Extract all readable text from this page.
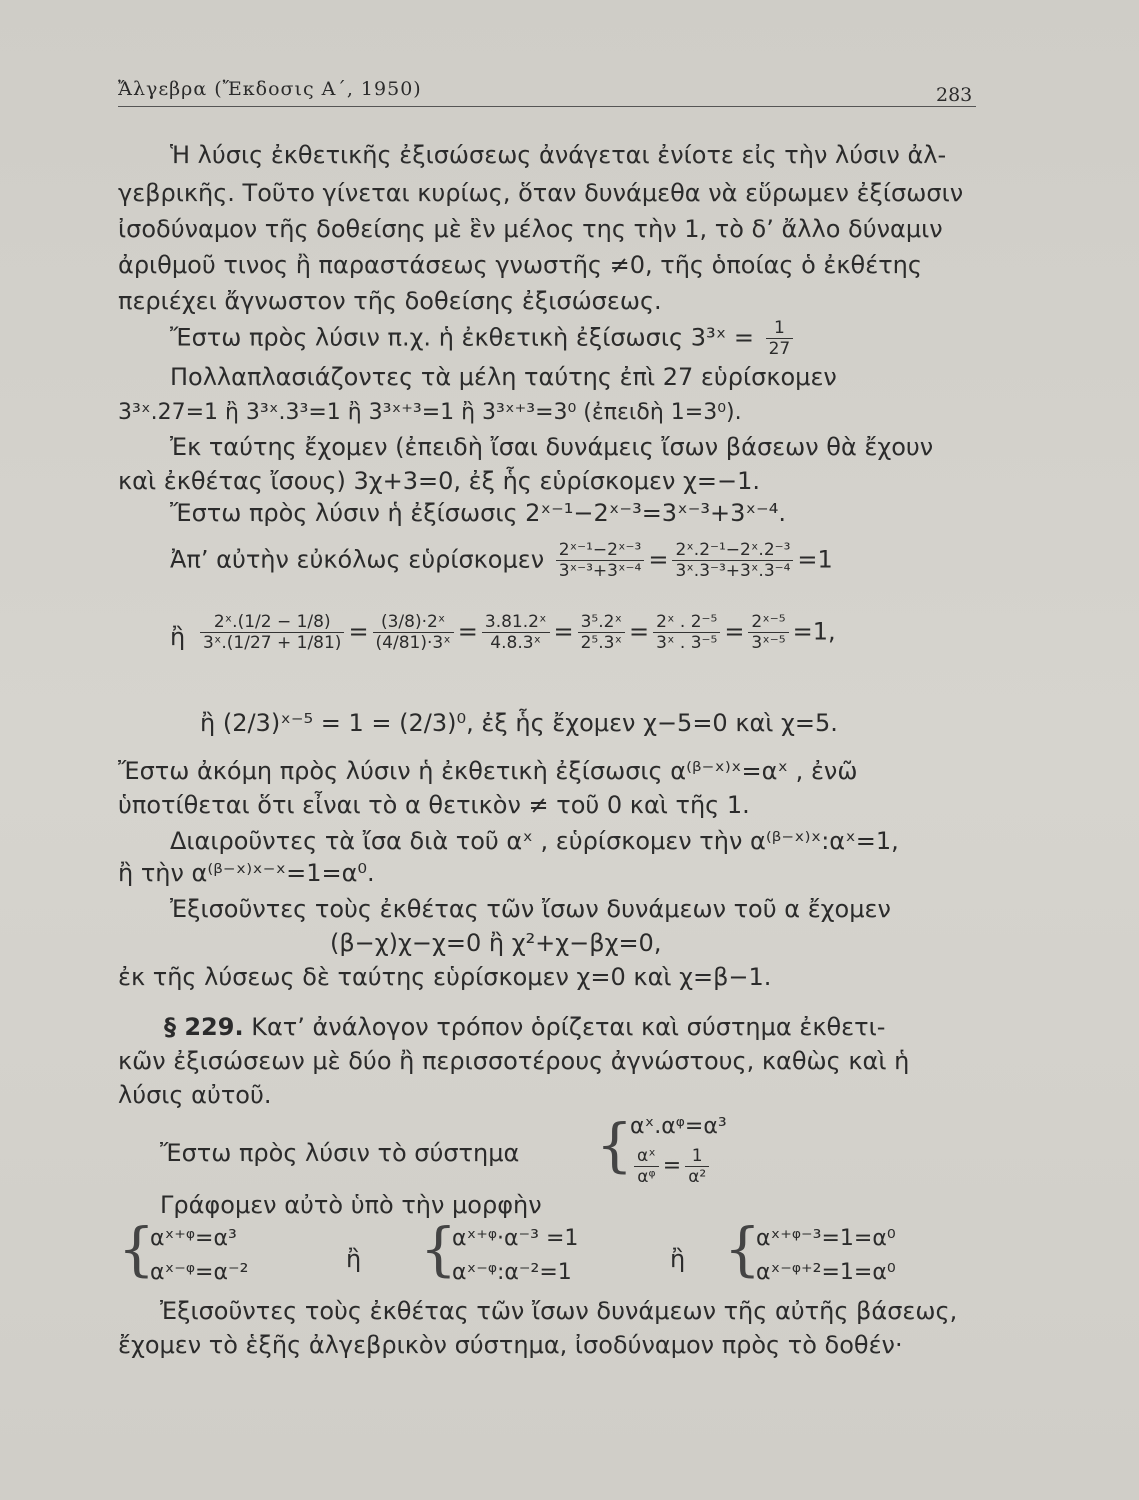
Ἄλγεβρα (Ἔκδοσις Α΄, 1950)	283
Ἡ λύσις ἐκθετικῆς ἐξισώσεως ἀνάγεται ἐνίοτε εἰς τὴν λύσιν ἀλ-
γεβρικῆς. Τοῦτο γίνεται κυρίως, ὅταν δυνάμεθα νὰ εὕρωμεν ἐξίσωσιν
ἰσοδύναμον τῆς δοθείσης μὲ ἓν μέλος της τὴν 1, τὸ δ’ ἄλλο δύναμιν
ἀριθμοῦ τινος ἢ παραστάσεως γνωστῆς ≠0, τῆς ὁποίας ὁ ἐκθέτης
περιέχει ἄγνωστον τῆς δοθείσης ἐξισώσεως.
Ἔστω πρὸς λύσιν π.χ. ἡ ἐκθετικὴ ἐξίσωσις 3³ˣ = $\frac{1}{27}$
Πολλαπλασιάζοντες τὰ μέλη ταύτης ἐπὶ 27 εὑρίσκομεν
3³ˣ.27=1 ἢ 3³ˣ.3³=1 ἢ 3³ˣ⁺³=1 ἢ 3³ˣ⁺³=3⁰ (ἐπειδὴ 1=3⁰).
Ἐκ ταύτης ἔχομεν (ἐπειδὴ ἴσαι δυνάμεις ἴσων βάσεων θὰ ἔχουν
καὶ ἐκθέτας ἴσους) 3χ+3=0, ἐξ ἧς εὑρίσκομεν χ=−1.
Ἔστω πρὸς λύσιν ἡ ἐξίσωσις 2ˣ⁻¹−2ˣ⁻³=3ˣ⁻³+3ˣ⁻⁴.
Ἀπ’ αὐτὴν εὐκόλως εὑρίσκομεν $\frac{\text{2ˣ⁻¹−2ˣ⁻³}}{\text{3ˣ⁻³+3ˣ⁻⁴}} = \frac{\text{2ˣ.2⁻¹−2ˣ.2⁻³}}{\text{3ˣ.3⁻³+3ˣ.3⁻⁴}} =1$
ἢ $\frac{\text{2ˣ.(1/2 − 1/8)}}{\text{3ˣ.(1/27 + 1/81)}} = \frac{\text{(3/8)·2ˣ}}{\text{(4/81)·3ˣ}} = \frac{\text{3.81.2ˣ}}{\text{4.8.3ˣ}} = \frac{\text{3⁵.2ˣ}}{\text{2⁵.3ˣ}} = \frac{\text{2ˣ . 2⁻⁵}}{\text{3ˣ . 3⁻⁵}} = \frac{\text{2ˣ⁻⁵}}{\text{3ˣ⁻⁵}} =1$,
ἢ (2/3)ˣ⁻⁵ = 1 = (2/3)⁰, ἐξ ἧς ἔχομεν χ−5=0 καὶ χ=5.
Ἔστω ἀκόμη πρὸς λύσιν ἡ ἐκθετικὴ ἐξίσωσις α⁽ᵝ⁻ˣ⁾ˣ=αˣ , ἐνῶ
ὑποτίθεται ὅτι εἶναι τὸ α θετικὸν ≠ τοῦ 0 καὶ τῆς 1.
Διαιροῦντες τὰ ἴσα διὰ τοῦ αˣ , εὑρίσκομεν τὴν α⁽ᵝ⁻ˣ⁾ˣ:αˣ=1,
ἢ τὴν α⁽ᵝ⁻ˣ⁾ˣ⁻ˣ=1=α⁰.
Ἐξισοῦντες τοὺς ἐκθέτας τῶν ἴσων δυνάμεων τοῦ α ἔχομεν
(β−χ)χ−χ=0 ἢ χ²+χ−βχ=0,
ἐκ τῆς λύσεως δὲ ταύτης εὑρίσκομεν χ=0 καὶ χ=β−1.
§ 229. Κατ’ ἀνάλογον τρόπον ὁρίζεται καὶ σύστημα ἐκθετι-
κῶν ἐξισώσεων μὲ δύο ἢ περισσοτέρους ἀγνώστους, καθὼς καὶ ἡ
λύσις αὐτοῦ.
Ἔστω πρὸς λύσιν τὸ σύστημα {
αˣ.αᵠ=α³
$\frac{\text{αˣ}}{\text{αᵠ}} = \frac{1}{\text{α²}}$
Γράφομεν αὐτὸ ὑπὸ τὴν μορφὴν
{
αˣ⁺ᵠ=α³
αˣ⁻ᵠ=α⁻²	ἢ {
αˣ⁺ᵠ·α⁻³ =1
αˣ⁻ᵠ:α⁻²=1	ἢ {
αˣ⁺ᵠ⁻³=1=α⁰
αˣ⁻ᵠ⁺²=1=α⁰
Ἐξισοῦντες τοὺς ἐκθέτας τῶν ἴσων δυνάμεων τῆς αὐτῆς βάσεως,
ἔχομεν τὸ ἑξῆς ἀλγεβρικὸν σύστημα, ἰσοδύναμον πρὸς τὸ δοθέν·
